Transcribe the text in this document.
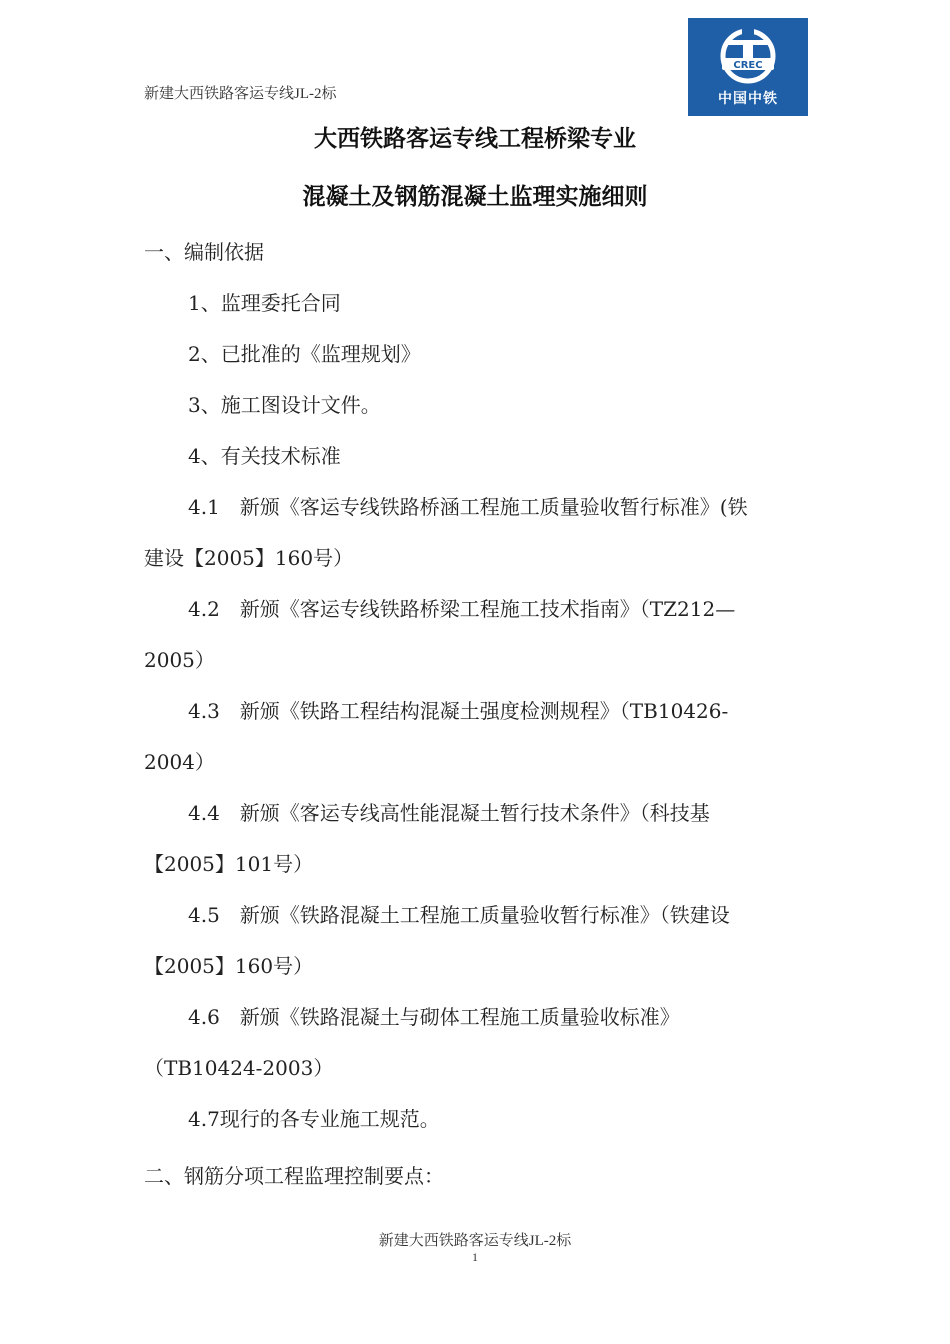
新建大西铁路客运专线JL-2标
CREC
中国中铁
大西铁路客运专线工程桥梁专业
混凝土及钢筋混凝土监理实施细则
一、编制依据
1、监理委托合同
2、已批准的《监理规划》
3、施工图设计文件。
4、有关技术标准
4.1　新颁《客运专线铁路桥涵工程施工质量验收暂行标准》(铁
建设【2005】160号）
4.2　新颁《客运专线铁路桥梁工程施工技术指南》（TZ212—
2005）
4.3　新颁《铁路工程结构混凝土强度检测规程》（TB10426-
2004）
4.4　新颁《客运专线高性能混凝土暂行技术条件》（科技基
【2005】101号）
4.5　新颁《铁路混凝土工程施工质量验收暂行标准》（铁建设
【2005】160号）
4.6　新颁《铁路混凝土与砌体工程施工质量验收标准》
（TB10424-2003）
4.7现行的各专业施工规范。
二、钢筋分项工程监理控制要点：
新建大西铁路客运专线JL-2标
1
